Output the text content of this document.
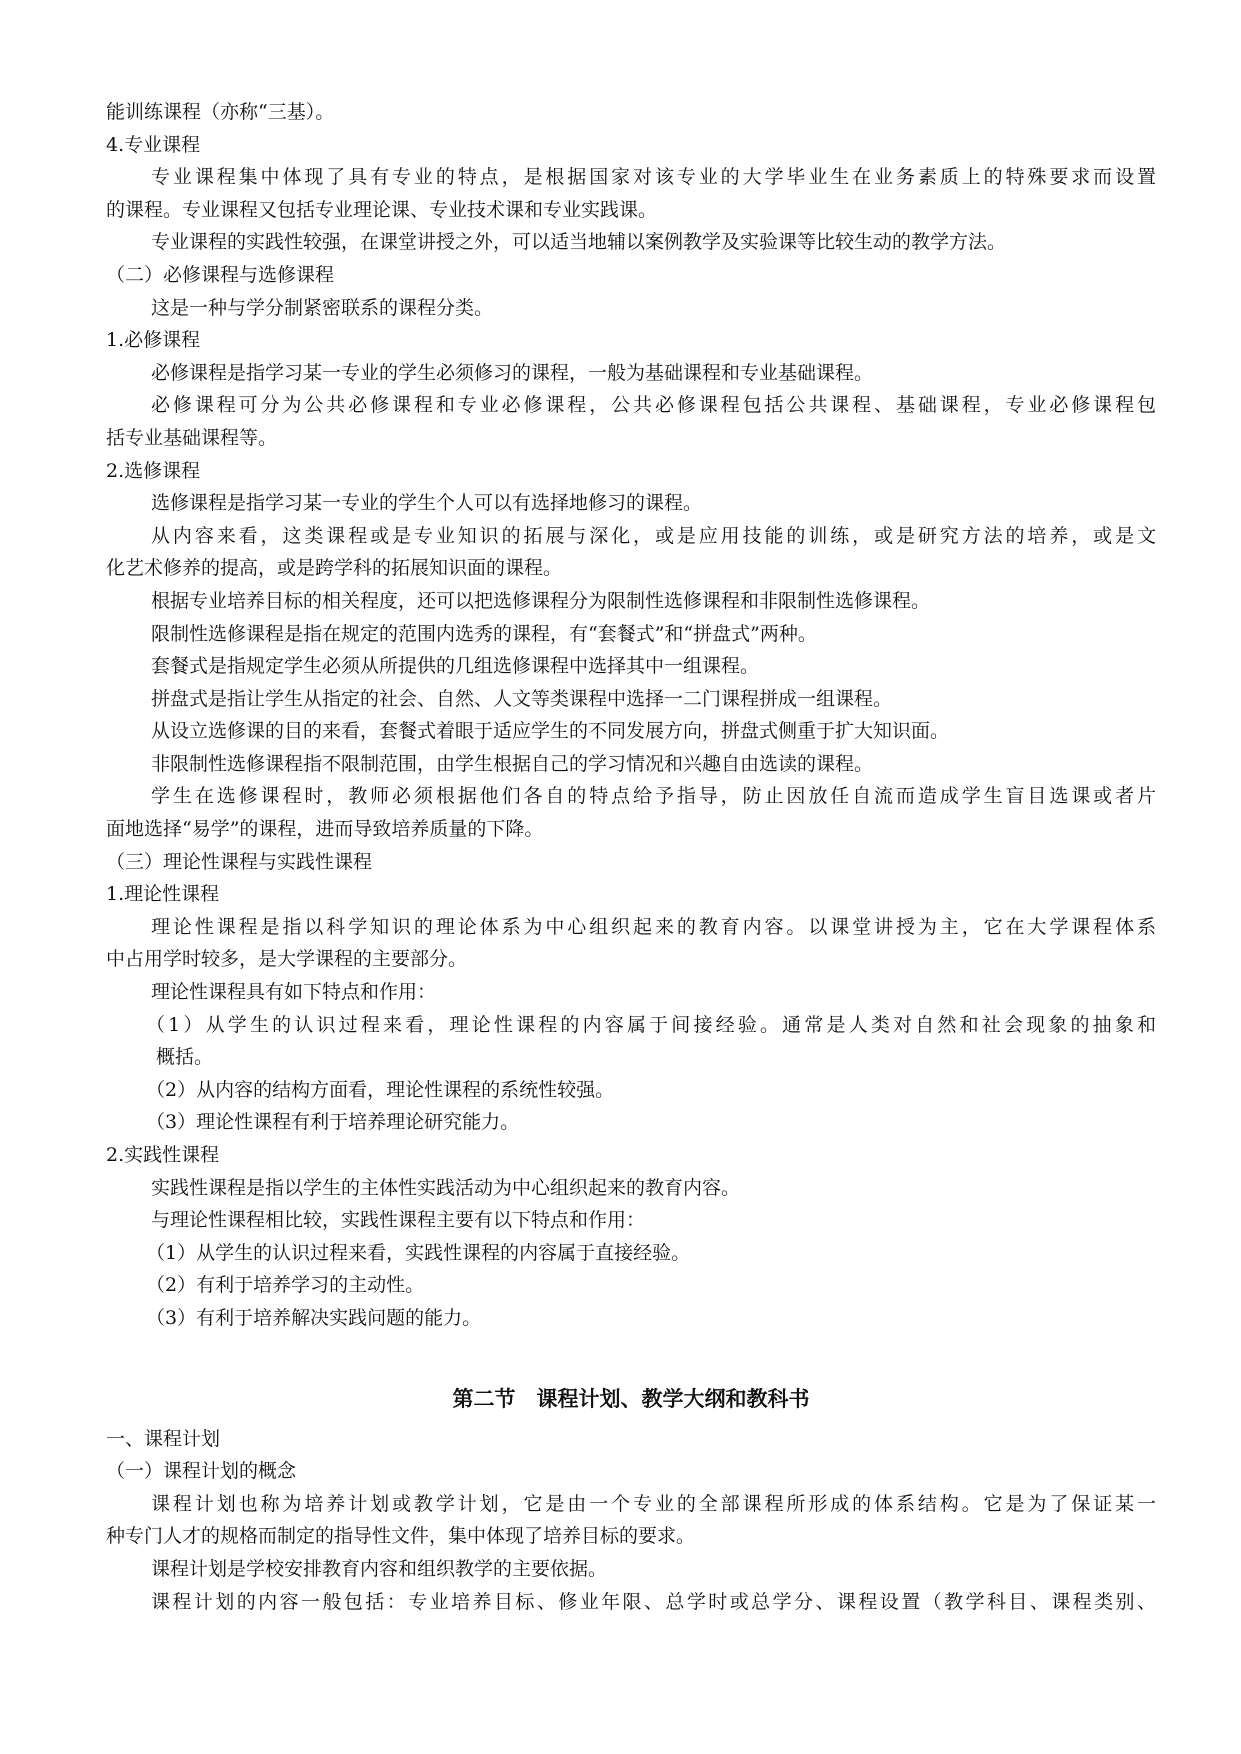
能训练课程（亦称“三基）。
4.专业课程
专业课程集中体现了具有专业的特点，是根据国家对该专业的大学毕业生在业务素质上的特殊要求而设置
的课程。专业课程又包括专业理论课、专业技术课和专业实践课。
专业课程的实践性较强，在课堂讲授之外，可以适当地辅以案例教学及实验课等比较生动的教学方法。
（二）必修课程与选修课程
这是一种与学分制紧密联系的课程分类。
1.必修课程
必修课程是指学习某一专业的学生必须修习的课程，一般为基础课程和专业基础课程。
必修课程可分为公共必修课程和专业必修课程，公共必修课程包括公共课程、基础课程，专业必修课程包
括专业基础课程等。
2.选修课程
选修课程是指学习某一专业的学生个人可以有选择地修习的课程。
从内容来看，这类课程或是专业知识的拓展与深化，或是应用技能的训练，或是研究方法的培养，或是文
化艺术修养的提高，或是跨学科的拓展知识面的课程。
根据专业培养目标的相关程度，还可以把选修课程分为限制性选修课程和非限制性选修课程。
限制性选修课程是指在规定的范围内选秀的课程，有“套餐式”和“拼盘式”两种。
套餐式是指规定学生必须从所提供的几组选修课程中选择其中一组课程。
拼盘式是指让学生从指定的社会、自然、人文等类课程中选择一二门课程拼成一组课程。
从设立选修课的目的来看，套餐式着眼于适应学生的不同发展方向，拼盘式侧重于扩大知识面。
非限制性选修课程指不限制范围，由学生根据自己的学习情况和兴趣自由选读的课程。
学生在选修课程时，教师必须根据他们各自的特点给予指导，防止因放任自流而造成学生盲目选课或者片
面地选择“易学”的课程，进而导致培养质量的下降。
（三）理论性课程与实践性课程
1.理论性课程
理论性课程是指以科学知识的理论体系为中心组织起来的教育内容。以课堂讲授为主，它在大学课程体系
中占用学时较多，是大学课程的主要部分。
理论性课程具有如下特点和作用：
（1）从学生的认识过程来看，理论性课程的内容属于间接经验。通常是人类对自然和社会现象的抽象和
概括。
（2）从内容的结构方面看，理论性课程的系统性较强。
（3）理论性课程有利于培养理论研究能力。
2.实践性课程
实践性课程是指以学生的主体性实践活动为中心组织起来的教育内容。
与理论性课程相比较，实践性课程主要有以下特点和作用：
（1）从学生的认识过程来看，实践性课程的内容属于直接经验。
（2）有利于培养学习的主动性。
（3）有利于培养解决实践问题的能力。
第二节　课程计划、教学大纲和教科书
一、课程计划
（一）课程计划的概念
课程计划也称为培养计划或教学计划，它是由一个专业的全部课程所形成的体系结构。它是为了保证某一
种专门人才的规格而制定的指导性文件，集中体现了培养目标的要求。
课程计划是学校安排教育内容和组织教学的主要依据。
课程计划的内容一般包括：专业培养目标、修业年限、总学时或总学分、课程设置（教学科目、课程类别、
